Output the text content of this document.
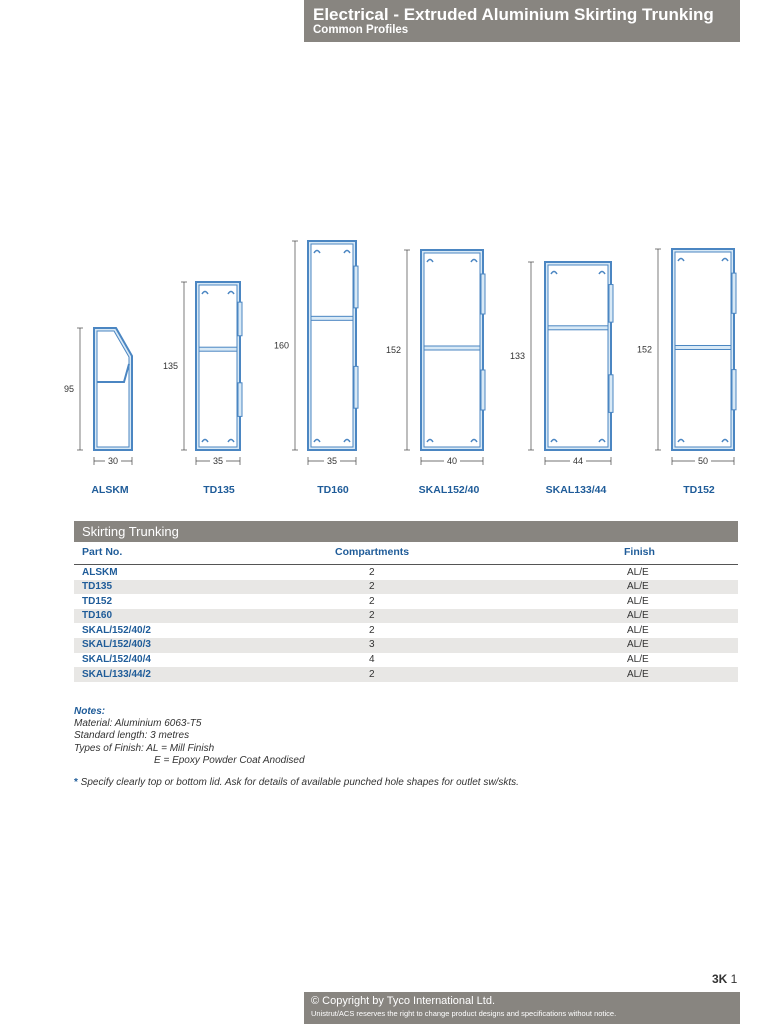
Electrical - Extruded Aluminium Skirting Trunking
Common Profiles
95
30
135
35
160
35
152
40
133
44
152
50
ALSKM	TD135	TD160	SKAL152/40	SKAL133/44	TD152
Skirting Trunking
Part No.	Compartments	Finish
ALSKM	2	AL/E
TD135	2	AL/E
TD152	2	AL/E
TD160	2	AL/E
SKAL/152/40/2	2	AL/E
SKAL/152/40/3	3	AL/E
SKAL/152/40/4	4	AL/E
SKAL/133/44/2	2	AL/E
Notes:
Material: Aluminium 6063-T5
Standard length: 3 metres
Types of Finish: AL = Mill Finish
E = Epoxy Powder Coat Anodised
* Specify clearly top or bottom lid. Ask for details of available punched hole shapes for outlet sw/skts.
3K 1
© Copyright by Tyco International Ltd.
Unistrut/ACS reserves the right to change product designs and specifications without notice.
